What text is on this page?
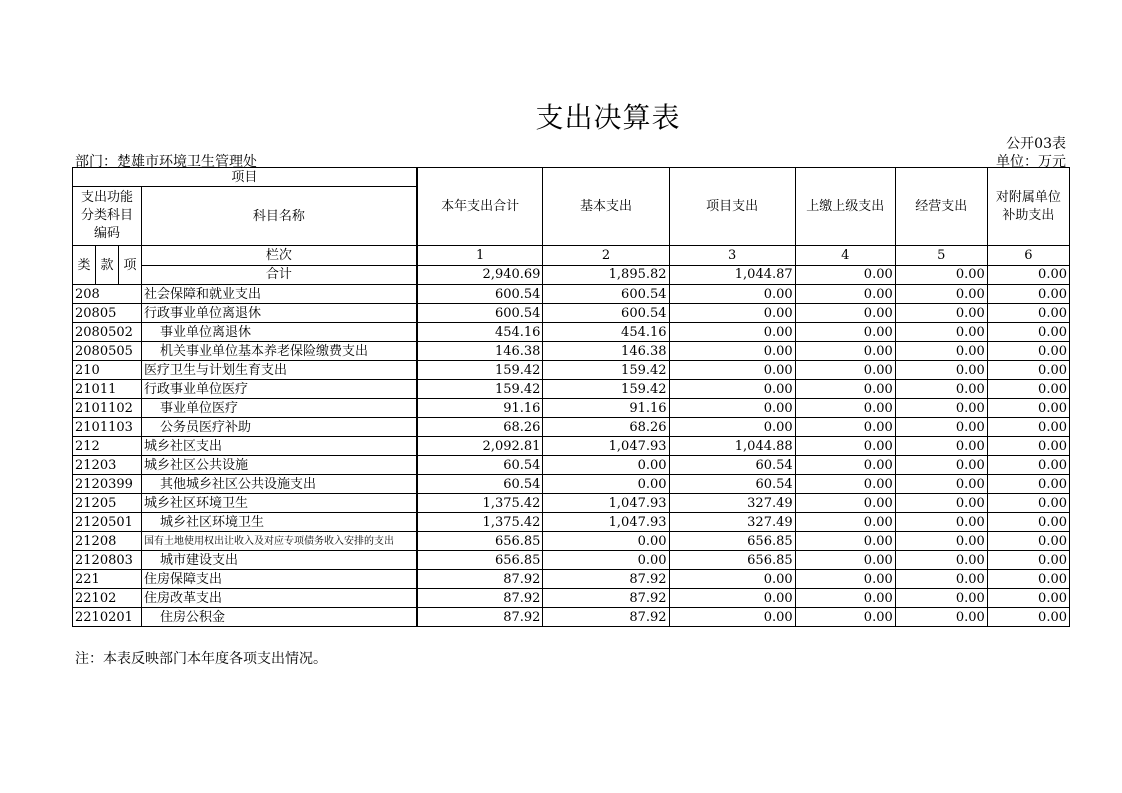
支出决算表
公开03表
部门：楚雄市环境卫生管理处	单位：万元
项目				本年支出合计	基本支出	项目支出	上缴上级支出	经营支出	对附属单位补助支出
支出功能分类科目编码			科目名称						

类	款	项	栏次	1	2	3	4	5	6
			合计	2,940.69	1,895.82	1,044.87	0.00	0.00	0.00
208			社会保障和就业支出	600.54	600.54	0.00	0.00	0.00	0.00
20805			行政事业单位离退休	600.54	600.54	0.00	0.00	0.00	0.00
2080502			事业单位离退休	454.16	454.16	0.00	0.00	0.00	0.00
2080505			机关事业单位基本养老保险缴费支出	146.38	146.38	0.00	0.00	0.00	0.00
210			医疗卫生与计划生育支出	159.42	159.42	0.00	0.00	0.00	0.00
21011			行政事业单位医疗	159.42	159.42	0.00	0.00	0.00	0.00
2101102			事业单位医疗	91.16	91.16	0.00	0.00	0.00	0.00
2101103			公务员医疗补助	68.26	68.26	0.00	0.00	0.00	0.00
212			城乡社区支出	2,092.81	1,047.93	1,044.88	0.00	0.00	0.00
21203			城乡社区公共设施	60.54	0.00	60.54	0.00	0.00	0.00
2120399			其他城乡社区公共设施支出	60.54	0.00	60.54	0.00	0.00	0.00
21205			城乡社区环境卫生	1,375.42	1,047.93	327.49	0.00	0.00	0.00
2120501			城乡社区环境卫生	1,375.42	1,047.93	327.49	0.00	0.00	0.00
21208			国有土地使用权出让收入及对应专项债务收入安排的支出	656.85	0.00	656.85	0.00	0.00	0.00
2120803			城市建设支出	656.85	0.00	656.85	0.00	0.00	0.00
221			住房保障支出	87.92	87.92	0.00	0.00	0.00	0.00
22102			住房改革支出	87.92	87.92	0.00	0.00	0.00	0.00
2210201			住房公积金	87.92	87.92	0.00	0.00	0.00	0.00
注：本表反映部门本年度各项支出情况。
